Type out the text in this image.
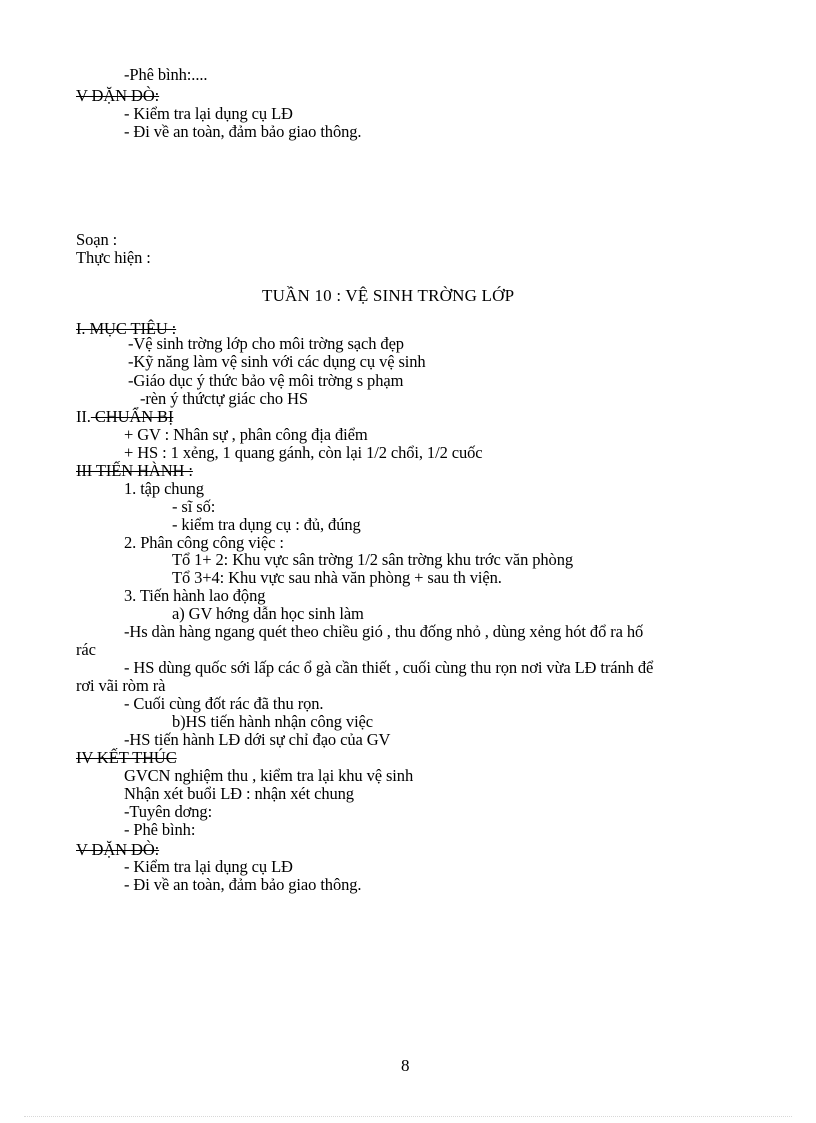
-Phê bình:....
V DẶN DÒ:
- Kiểm tra lại dụng cụ LĐ
- Đi về an toàn, đảm bảo giao thông.
Soạn :
Thực hiện :
TUẦN 10 : VỆ SINH TRỜNG LỚP
I. MỤC TIÊU :
-Vệ sinh trờng lớp cho môi trờng sạch đẹp
-Kỹ năng làm vệ sinh với các dụng cụ vệ sinh
-Giáo dục ý thức bảo vệ môi trờng s phạm
-rèn ý thứctự giác cho HS
II. CHUẨN BỊ
+ GV : Nhân sự , phân công địa điểm
+ HS : 1 xẻng, 1 quang gánh, còn lại 1/2 chổi, 1/2 cuốc
III TIẾN HÀNH :
1. tập chung
- sĩ số:
- kiểm tra dụng cụ : đủ, đúng
2. Phân công công việc :
Tổ 1+ 2: Khu vực sân trờng 1/2 sân trờng khu trớc văn phòng
Tổ 3+4: Khu vực sau nhà văn phòng + sau th viện.
3. Tiến hành lao động
a) GV hớng dẫn học sinh làm
-Hs dàn hàng ngang quét theo chiều gió , thu đống nhỏ , dùng xẻng hót đổ ra hố
rác
- HS dùng quốc sới lấp các ổ gà cần thiết , cuối cùng thu rọn nơi vừa LĐ tránh để
rơi vãi ròm rà
- Cuối cùng đốt rác đã thu rọn.
b)HS tiến hành nhận công việc
-HS tiến hành LĐ dới sự chỉ đạo của GV
IV KẾT THÚC
GVCN nghiệm thu , kiểm tra lại khu vệ sinh
Nhận xét buổi LĐ : nhận xét chung
-Tuyên dơng:
- Phê bình:
V DẶN DÒ:
- Kiểm tra lại dụng cụ LĐ
- Đi về an toàn, đảm bảo giao thông.
8
